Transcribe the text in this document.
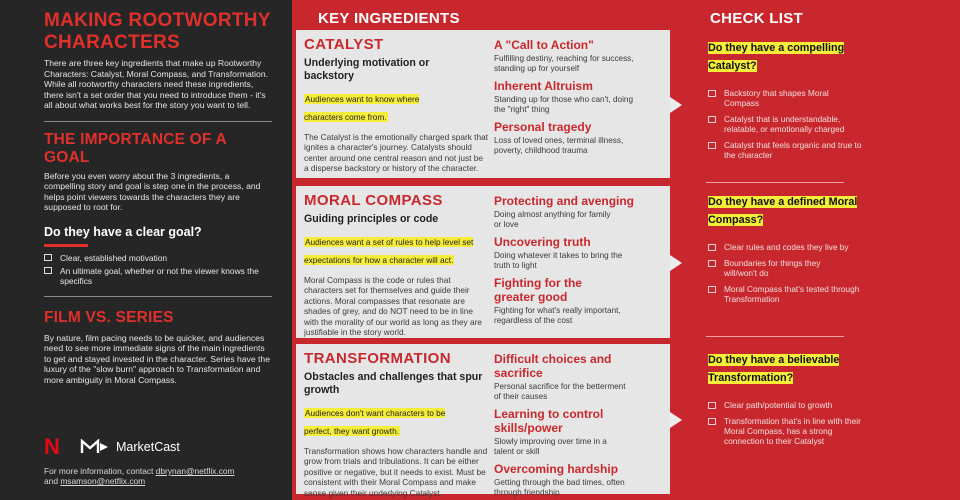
MAKING ROOTWORTHY CHARACTERS

There are three key ingredients that make up Rootworthy Characters: Catalyst, Moral Compass, and Transformation. While all rootworthy characters need these ingredients, there isn't a set order that you need to introduce them - it's all about what works best for the story you want to tell.

THE IMPORTANCE OF A GOAL

Before you even worry about the 3 ingredients, a compelling story and goal is step one in the process, and helps point viewers towards the characters they are supposed to root for.

Do they have a clear goal?
Clear, established motivation
An ultimate goal, whether or not the viewer knows the specifics
FILM VS. SERIES

By nature, film pacing needs to be quicker, and audiences need to see more immediate signs of the main ingredients to get and stayed invested in the character. Series have the luxury of the "slow burn" approach to Transformation and more ambiguity in Moral Compass.

N	MarketCast
For more information, contact dbrynan@netflix.com
and msamson@netflix.com
KEY INGREDIENTS
CATALYST
Underlying motivation or backstory
Audiences want to know where characters come from.
The Catalyst is the emotionally charged spark that ignites a character's journey. Catalysts should center around one central reason and not just be a disperse backstory or history of the character.
A "Call to Action"
Fulfilling destiny, reaching for success, standing up for yourself
Inherent Altruism
Standing up for those who can't, doing the "right" thing
Personal tragedy
Loss of loved ones, terminal illness, poverty, childhood trauma
MORAL COMPASS
Guiding principles or code
Audiences want a set of rules to help level set expectations for how a character will act.
Moral Compass is the code or rules that characters set for themselves and guide their actions. Moral compasses that resonate are shades of grey, and do NOT need to be in line with the morality of our world as long as they are justifiable in the story world.
Protecting and avenging
Doing almost anything for family or love
Uncovering truth
Doing whatever it takes to bring the truth to light
Fighting for the greater good
Fighting for what's really important, regardless of the cost
TRANSFORMATION
Obstacles and challenges that spur growth
Audiences don't want characters to be perfect, they want growth.
Transformation shows how characters handle and grow from trials and tribulations. It can be either positive or negative, but it needs to exist. Must be consistent with their Moral Compass and make sense given their underlying Catalyst.
Difficult choices and sacrifice
Personal sacrifice for the betterment of their causes
Learning to control skills/power
Slowly improving over time in a talent or skill
Overcoming hardship
Getting through the bad times, often through friendship
CHECK LIST
Do they have a compelling Catalyst?
Backstory that shapes Moral Compass
Catalyst that is understandable, relatable, or emotionally charged
Catalyst that feels organic and true to the character
Do they have a defined Moral Compass?
Clear rules and codes they live by
Boundaries for things they will/won't do
Moral Compass that's tested through Transformation
Do they have a believable Transformation?
Clear path/potential to growth
Transformation that's in line with their Moral Compass, has a strong connection to their Catalyst
